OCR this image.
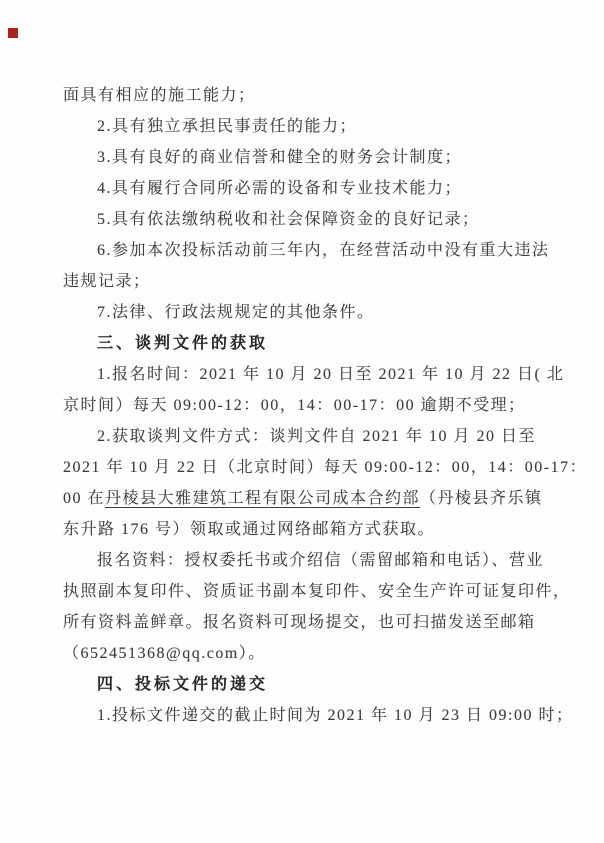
面具有相应的施工能力；
2.具有独立承担民事责任的能力；
3.具有良好的商业信誉和健全的财务会计制度；
4.具有履行合同所必需的设备和专业技术能力；
5.具有依法缴纳税收和社会保障资金的良好记录；
6.参加本次投标活动前三年内，在经营活动中没有重大违法
违规记录；
7.法律、行政法规规定的其他条件。
三、谈判文件的获取
1.报名时间：2021 年 10 月 20 日至 2021 年 10 月 22 日( 北
京时间）每天 09:00-12：00，14：00-17：00 逾期不受理；
2.获取谈判文件方式：谈判文件自 2021 年 10 月 20 日至
2021 年 10 月 22 日（北京时间）每天 09:00-12：00，14：00-17：
00 在丹棱县大雅建筑工程有限公司成本合约部（丹棱县齐乐镇
东升路 176 号）领取或通过网络邮箱方式获取。
报名资料：授权委托书或介绍信（需留邮箱和电话）、营业
执照副本复印件、资质证书副本复印件、安全生产许可证复印件，
所有资料盖鲜章。报名资料可现场提交，也可扫描发送至邮箱
（652451368@qq.com）。
四、投标文件的递交
1.投标文件递交的截止时间为 2021 年 10 月 23 日 09:00 时；
